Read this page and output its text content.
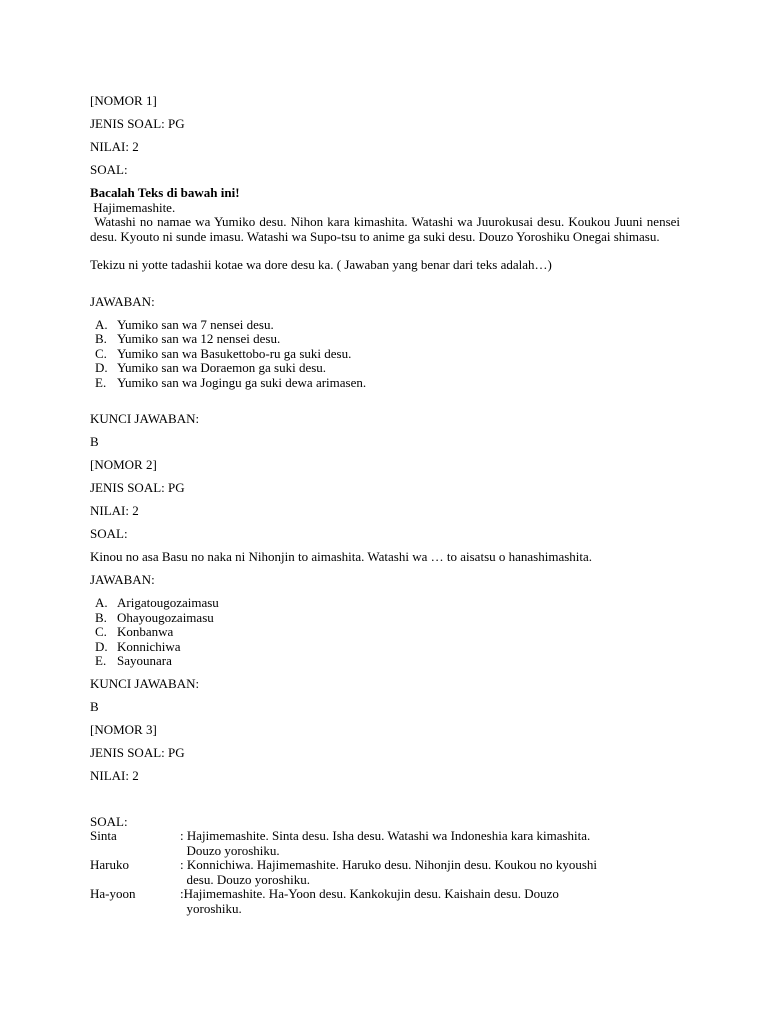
[NOMOR 1]

JENIS SOAL: PG

NILAI: 2

SOAL:

Bacalah Teks di bawah ini!

Hajimemashite.

Watashi no namae wa Yumiko desu. Nihon kara kimashita. Watashi wa Juurokusai desu. Koukou Juuni nensei desu. Kyouto ni sunde imasu. Watashi wa Supo-tsu to anime ga suki desu. Douzo Yoroshiku Onegai shimasu.

Tekizu ni yotte tadashii kotae wa dore desu ka. ( Jawaban yang benar dari teks adalah…)

JAWABAN:

A. Yumiko san wa 7 nensei desu.
B. Yumiko san wa 12 nensei desu.
C. Yumiko san wa Basukettobo-ru ga suki desu.
D. Yumiko san wa Doraemon ga suki desu.
E. Yumiko san wa Jogingu ga suki dewa arimasen.

KUNCI JAWABAN:

B

[NOMOR 2]

JENIS SOAL: PG

NILAI: 2

SOAL:

Kinou no asa Basu no naka ni Nihonjin to aimashita. Watashi wa … to aisatsu o hanashimashita.

JAWABAN:

A. Arigatougozaimasu
B. Ohayougozaimasu
C. Konbanwa
D. Konnichiwa
E. Sayounara

KUNCI JAWABAN:

B

[NOMOR 3]

JENIS SOAL: PG

NILAI: 2

SOAL:

Sinta	: Hajimemashite. Sinta desu. Isha desu. Watashi wa Indoneshia kara kimashita.
Douzo yoroshiku.
Haruko	: Konnichiwa. Hajimemashite. Haruko desu. Nihonjin desu. Koukou no kyoushi
desu. Douzo yoroshiku.
Ha-yoon	:Hajimemashite. Ha-Yoon desu. Kankokujin desu. Kaishain desu. Douzo
yoroshiku.
